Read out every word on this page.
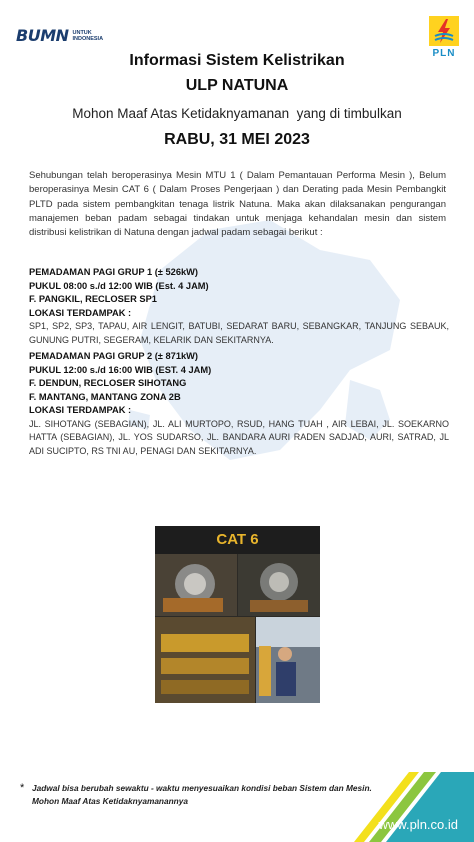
BUMN UNTUK
INDONESIA
PLN
Informasi Sistem Kelistrikan
ULP NATUNA
Mohon Maaf Atas Ketidaknyamanan  yang di timbulkan
RABU, 31 MEI 2023
Sehubungan telah beroperasinya Mesin MTU 1 ( Dalam Pemantauan Performa Mesin ), Belum beroperasinya Mesin CAT 6 ( Dalam Proses Pengerjaan ) dan Derating pada Mesin Pembangkit PLTD pada sistem pembangkitan tenaga listrik Natuna. Maka akan dilaksanakan pengurangan manajemen beban padam sebagai tindakan untuk menjaga kehandalan mesin dan sistem distribusi kelistrikan di Natuna dengan jadwal padam sebagai berikut :
PEMADAMAN PAGI GRUP 1 (± 526kW)
PUKUL 08:00 s./d 12:00 WIB (Est. 4 JAM)
F. PANGKIL, RECLOSER SP1
LOKASI TERDAMPAK :
SP1, SP2, SP3, TAPAU, AIR LENGIT, BATUBI, SEDARAT BARU, SEBANGKAR, TANJUNG SEBAUK, GUNUNG PUTRI, SEGERAM, KELARIK DAN SEKITARNYA.
PEMADAMAN PAGI GRUP 2 (± 871kW)
PUKUL 12:00 s./d 16:00 WIB (EST. 4 JAM)
F. DENDUN, RECLOSER SIHOTANG
F. MANTANG, MANTANG ZONA 2B
LOKASI TERDAMPAK :
JL. SIHOTANG (SEBAGIAN), JL. ALI MURTOPO, RSUD, HANG TUAH , AIR LEBAI, JL. SOEKARNO HATTA (SEBAGIAN), JL. YOS SUDARSO, JL. BANDARA AURI RADEN SADJAD, AURI, SATRAD, JL ADI SUCIPTO, RS TNI AU, PENAGI DAN SEKITARNYA.
CAT 6
* Jadwal bisa berubah sewaktu - waktu menyesuaikan kondisi beban Sistem dan Mesin.
Mohon Maaf Atas Ketidaknyamanannya
www.pln.co.id
